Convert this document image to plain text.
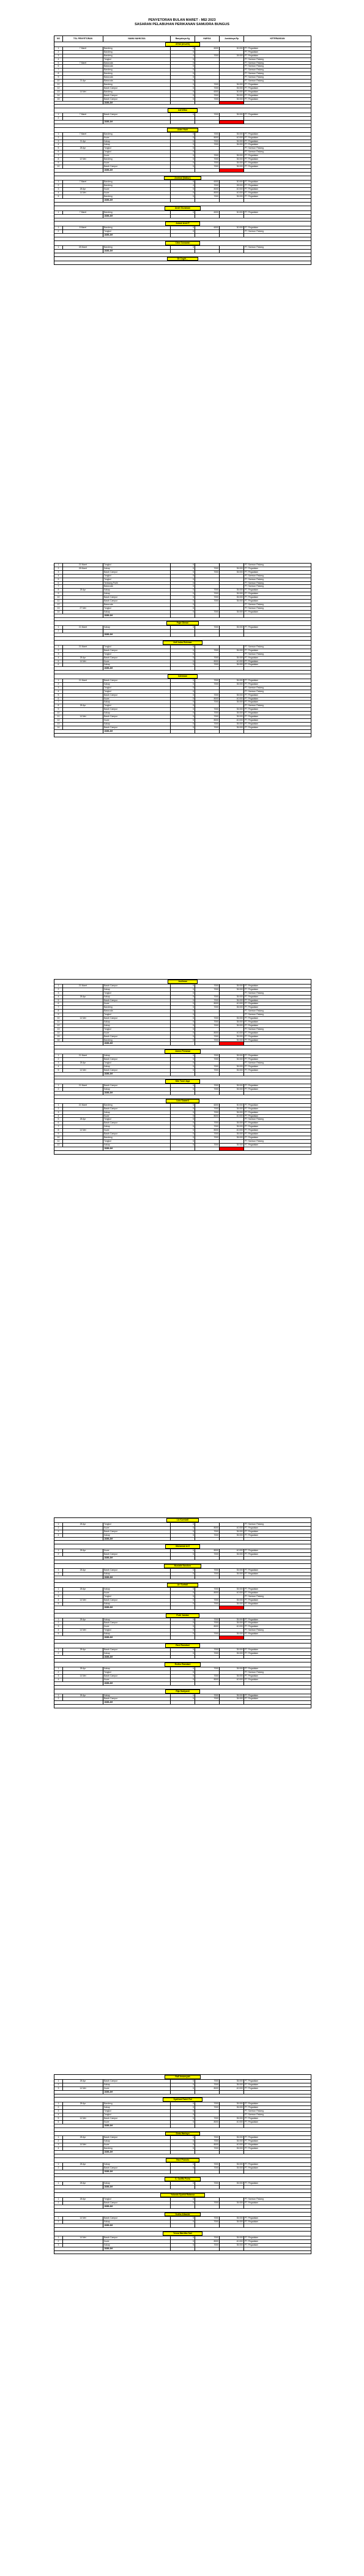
PENYETORAN BULAN MARET - MEI 2023
SASARAN PELABUHAN PERIKANAN SAMUDRA BUNGUS
NO	TGL PENYETORAN	NAMA NAHKODA	Banyaknya Kg	HARGA	Jumlahnya Rp	KETERANGAN
Afrial (zeuzek)						
1	7 Maret	Bandeng	5	6000	30.000	PT. Pegadaian
2		Bandeng	5			PT. Pegadaian
3		Bandeng	4	7000	28.000	PT. Pegadaian
4		Tongkol	5			PT. Samson Padang
5	7 Maret	Baracuda	5			PT. Samson Padang
6		Baracuda	5			PT. Samson Padang
7		Bandeng	5			PT. Samson Padang
8		Bandeng	5			PT. Samson Padang
9		Baracuda	5			PT. Samson Padang
10	21 Apr	Baracuda	5			PT. Samson Padang
11		Bandeng	5	7000	35.000	PT. Pegadaian
12		Barah Campur	5	7000	35.000	PT. Pegadaian
13	14 Mei	Bandeng	5	6000	30.000	PT. Pegadaian
14		Barah Campur	5	7000	35.000	PT. Pegadaian
15		Barah Campur	5	7000	35.000	PT. Pegadaian
		JUMLAH				

Adi Wibo						
1	7 Maret	Barah Campur	5	7000	35.000	PT. Pegadaian
2						
		JUMLAH				

Aden Hairi						
1	7 Maret	Bandeng	5	7000	35.000	PT. Pegadaian
2		Kuwe	5	8000	40.000	PT. Pegadaian
3	21 Apr	Kakap	5	7000	35.000	PT. Pegadaian
4		Kakap	5	7000	35.000	PT. Pegadaian
5	28 Apr	Tongkol	5			PT. Samson Padang
6		Tongkol	5			PT. Samson Padang
7		Kuwe	5	7000	35.000	PT. Pegadaian
8	12 Mei	Bandeng	5	7000	35.000	PT. Pegadaian
9		Kuwe	5	7000	35.000	PT. Pegadaian
10		Barah Campur	5	7000	35.000	PT. Pegadaian
		JUMLAH				

Amrinal (Nalkur)						
1	7 Maret	Bandeng	5	6000	30.000	PT. Pegadaian
2		Bandeng	4	7000	28.000	PT. Pegadaian
3	28 Apr	Kuwe	5	8000	40.000	PT. Pegadaian
4	14 Mei	Kuwe	5	8000	40.000	PT. Pegadaian
5		Bandeng	5	7000	35.000	PT. Pegadaian
		JUMLAH				

Andri Gunawan						
1	7 Maret	Bandeng	5	6000	30.000	PT. Pegadaian
		JUMLAH				

Antoni Arsil P						
1	8 Maret	Bandeng	5	6000	30.000	PT. Pegadaian
2		Tongkol	5			PT. Samson Padang
		JUMLAH				

Citra Gunawan						
1	28 Maret	Bandeng	5			PT. Samson Padang
		JUMLAH				

Dt Cugiri...						

1	21 Maret	Tongkol	5			PT. Samson Padang
2	28 Maret	Kakap	5	7000	35.000	PT. Pegadaian
3		Barah Campur	5	7000	35.000	PT. Pegadaian
4		Tongkol	5			PT. Samson Padang
5		Tongkol	5			PT. Samson Padang
6		Tembang Putih	5			PT. Samson Padang
7		Baracuda	5			PT. Samson Padang
8	28 Apr	Kakap	5	7000	35.000	PT. Pegadaian
9		Kakap	5	7000	35.000	PT. Pegadaian
10		Barah Campur	5	7000	35.000	PT. Pegadaian
11		Barah Campur	5	7000	35.000	PT. Pegadaian
12		Baracuda	5			PT. Samson Padang
13	27 Mei	Tongkol	5			PT. Samson Padang
14		Kakap	5	7000	35.000	PT. Pegadaian
		JUMLAH				

Fajar Diman						
1	21 Maret	Kakap	5	7000	35.000	PT. Pegadaian
2						
		JUMLAH				

Hefi Indra Rohman						
1	21 Maret	Tongkol	5			PT. Samson Padang
2		Barah Campur	5	7000	35.000	PT. Pegadaian
3		Tongkol	5			PT. Samson Padang
4	28 Apr	Barah Campur	5	7000	35.000	PT. Pegadaian
5	14 Mei	Kuwe	5	8000	40.000	PT. Pegadaian
6		Kakap	5	7000	35.000	PT. Pegadaian
		JUMLAH				

Indrawan						
1	21 Maret	Barah Campur	5	7000	35.000	PT. Pegadaian
2		Kakap	5	7000	35.000	PT. Pegadaian
3		Tongkol	5			PT. Samson Padang
4		Tongkol	5			PT. Samson Padang
5		Barah Campur	5	7000	35.000	PT. Pegadaian
6		Kuwe	5	8000	40.000	PT. Pegadaian
7		Kakap	5	7000	35.000	PT. Pegadaian
8	28 Apr	Tongkol	5			PT. Samson Padang
9		Barah Campur	5	7000	35.000	PT. Pegadaian
10		Kakap	5	7000	35.000	PT. Pegadaian
11	14 Mei	Barah Campur	5	7000	35.000	PT. Pegadaian
12		Kuwe	5	8000	40.000	PT. Pegadaian
13		Kakap	5	7000	35.000	PT. Pegadaian
14		Barah Campur	5	7000	35.000	PT. Pegadaian
		JUMLAH				

Jusliman						
1	21 Maret	Barah Campur	5	7000	35.000	PT. Pegadaian
2		Kakap	5	7000	35.000	PT. Pegadaian
3		Tongkol	5			PT. Samson Padang
4	28 Apr	Kakap	5	7000	35.000	PT. Pegadaian
5		Barah Campur	5	7000	35.000	PT. Pegadaian
6		Kuwe	5	8000	40.000	PT. Pegadaian
7		Bandeng	5	7000	35.000	PT. Pegadaian
8		Baracuda	5			PT. Samson Padang
9		Tongkol	5			PT. Samson Padang
10	14 Mei	Barah Campur	5	7000	35.000	PT. Pegadaian
11		Kakap	5	7000	35.000	PT. Pegadaian
12		Kakap	5	7000	35.000	PT. Pegadaian
13		Tongkol	5			PT. Samson Padang
14		Kuwe	5	8000	40.000	PT. Pegadaian
15		Barah Campur	5	7000	35.000	PT. Pegadaian
16		Bandeng	5	7000	35.000	PT. Pegadaian
		JUMLAH				

Jomro Pemawa						
1	21 Maret	Kakap	5	7000	35.000	PT. Pegadaian
2		Barah Campur	5	7000	35.000	PT. Pegadaian
3	28 Apr	Tongkol	5			PT. Samson Padang
4		Kakap	5	7000	35.000	PT. Pegadaian
5	14 Mei	Barah Campur	5	7000	35.000	PT. Pegadaian
		JUMLAH				

Kiki Tomi Jaya						
1	21 Maret	Barah Campur	5	7000	35.000	PT. Pegadaian
2		Kakap	5	7000	35.000	PT. Pegadaian
		JUMLAH				

Lido Suwarti						
1	21 Maret	Bandeng	5	6000	30.000	PT. Pegadaian
2		Barah Campur	5	7000	35.000	PT. Pegadaian
3		Kakap	5	7000	35.000	PT. Pegadaian
4		Kuwe	5	8000	40.000	PT. Pegadaian
5	28 Apr	Tongkol	5			PT. Samson Padang
6		Barah Campur	5	7000	35.000	PT. Pegadaian
7		Kakap	5	7000	35.000	PT. Pegadaian
8	14 Mei	Kuwe	5	8000	40.000	PT. Pegadaian
9		Barah Campur	5	7000	35.000	PT. Pegadaian
10		Bandeng	5	7000	35.000	PT. Pegadaian
11		Tongkol	5			PT. Samson Padang
12		Kakap	5	7000	35.000	PT. Pegadaian
		JUMLAH				

Liz Kurniadi						
1	28 Apr	Tongkol	5			PT. Samson Padang
2		Kuwe	5	8000	40.000	PT. Pegadaian
3		Barah Campur	5	7000	35.000	PT. Pegadaian
4		Kakap	5	7000	35.000	PT. Pegadaian
		JUMLAH				

Muhamad Arif						
1	28 Apr	Kuwe	5	8000	40.000	PT. Pegadaian
2		Barah Campur	5	7000	35.000	PT. Pegadaian
		JUMLAH				

Mustafa Nandoro						
1	28 Apr	Barah Campur	5	7000	35.000	PT. Pegadaian
2		Kakap	5	7000	35.000	PT. Pegadaian
		JUMLAH				

Ari Surfadi						
1	28 Apr	Kakap	5	7000	35.000	PT. Pegadaian
2		Kuwe	5	8000	40.000	PT. Pegadaian
3		Tongkol	5			PT. Samson Padang
4	14 Mei	Barah Campur	5	7000	35.000	PT. Pegadaian
5		Kakap	5	7000	35.000	PT. Pegadaian
		JUMLAH				

Putri Jamian						
1	28 Apr	Kakap	5	7000	35.000	PT. Pegadaian
2		Barah Campur	5	7000	35.000	PT. Pegadaian
3		Kuwe	5	8000	40.000	PT. Pegadaian
4	14 Mei	Tongkol	5			PT. Samson Padang
5		Kakap	5	7000	35.000	PT. Pegadaian
		JUMLAH				

Rani Ramdani						
1	28 Apr	Barah Campur	5	7000	35.000	PT. Pegadaian
2		Kakap	5	7000	35.000	PT. Pegadaian
		JUMLAH				

Redho Ramdani						
1	28 Apr	Kakap	5	7000	35.000	PT. Pegadaian
2		Tongkol	5			PT. Samson Padang
3	14 Mei	Barah Campur	5	7000	35.000	PT. Pegadaian
4		Kuwe	5	8000	40.000	PT. Pegadaian
		JUMLAH				

Rija Hadiyanti						
1	28 Apr	Kakap	5	7000	35.000	PT. Pegadaian
2		Barah Campur	5	7000	35.000	PT. Pegadaian
		JUMLAH				

Rafi Irmansyah						
1	28 Apr	Barah Campur	5	7000	35.000	PT. Pegadaian
2		Kakap	5	7000	35.000	PT. Pegadaian
3	14 Mei	Kuwe	5	8000	40.000	PT. Pegadaian
		JUMLAH				

Syafrizal Fadel Put						
1	28 Apr	Bandeng	5	7000	35.000	PT. Pegadaian
2		Kakap	5	7000	35.000	PT. Pegadaian
3		Tongkol	5			PT. Samson Padang
4		Tongkol	5			PT. Samson Padang
5	14 Mei	Barah Campur	5	7000	35.000	PT. Pegadaian
6		Kuwe	5	8000	40.000	PT. Pegadaian
		JUMLAH				

Sinto Hartoyo						
1	28 Apr	Barah Campur	5	7000	35.000	PT. Pegadaian
2		Kakap	5	7000	35.000	PT. Pegadaian
3	14 Mei	Kuwe	5	8000	40.000	PT. Pegadaian
4		Bandeng	5	7000	35.000	PT. Pegadaian
		JUMLAH				

Yasri Pranoto						
1	28 Apr	Kakap	5	7000	35.000	PT. Pegadaian
2		Barah Campur	5	7000	35.000	PT. Pegadaian
		JUMLAH				

S. Sariffo Putra						
1	28 Apr	Kakap	5	7000	35.000	PT. Pegadaian
		JUMLAH				

Yolanda Syahid Rafansa						
1	28 Apr	Tongkol	5			PT. Samson Padang
2		Barah Campur	5	7000	35.000	PT. Pegadaian
		JUMLAH				

Yudha Albaskir						
1	14 Mei	Barah Campur	5	7000	35.000	PT. Pegadaian
2		Kakap	5	7000	35.000	PT. Pegadaian
		JUMLAH				

Yessa Mardika Sari						
1	14 Mei	Barah Campur	5	7000	35.000	PT. Pegadaian
2		Kuwe	5	8000	40.000	PT. Pegadaian
3		Kakap	5	7000	35.000	PT. Pegadaian
		JUMLAH				
